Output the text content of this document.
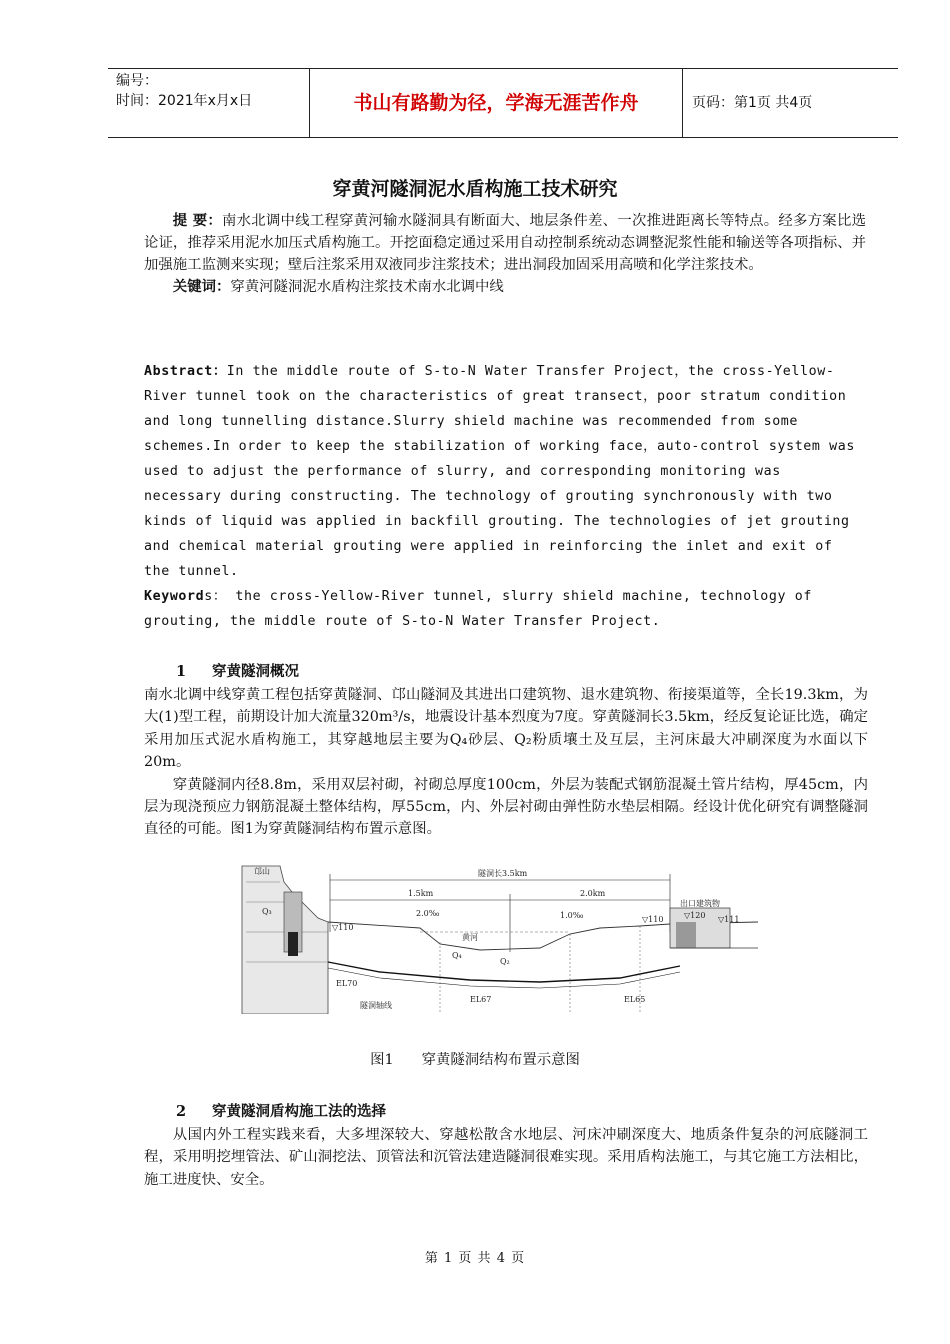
编号：
时间：2021年x月x日	书山有路勤为径，学海无涯苦作舟	页码：第1页 共4页
穿黄河隧洞泥水盾构施工技术研究
提 要：南水北调中线工程穿黄河输水隧洞具有断面大、地层条件差、一次推进距离长等特点。经多方案比选论证，推荐采用泥水加压式盾构施工。开挖面稳定通过采用自动控制系统动态调整泥浆性能和输送等各项指标、并加强施工监测来实现；壁后注浆采用双液同步注浆技术；进出洞段加固采用高喷和化学注浆技术。
关键词：穿黄河隧洞泥水盾构注浆技术南水北调中线
Abstract：In the middle route of S-to-N Water Transfer Project，the cross-Yellow-River tunnel took on the characteristics of great transect，poor stratum condition and long tunnelling distance.Slurry shield machine was recommended from some schemes.In order to keep the stabilization of working face，auto-control system was used to adjust the performance of slurry, and corresponding monitoring was necessary during constructing. The technology of grouting synchronously with two kinds of liquid was applied in backfill grouting. The technologies of jet grouting and chemical material grouting were applied in reinforcing the inlet and exit of the tunnel.
Keywords： the cross-Yellow-River tunnel, slurry shield machine, technology of grouting, the middle route of S-to-N Water Transfer Project.
1 穿黄隧洞概况
南水北调中线穿黄工程包括穿黄隧洞、邙山隧洞及其进出口建筑物、退水建筑物、衔接渠道等，全长19.3km，为大(1)型工程，前期设计加大流量320m³/s，地震设计基本烈度为7度。穿黄隧洞长3.5km，经反复论证比选，确定采用加压式泥水盾构施工，其穿越地层主要为Q₄砂层、Q₂粉质壤土及互层，主河床最大冲刷深度为水面以下20m。
穿黄隧洞内径8.8m，采用双层衬砌，衬砌总厚度100cm，外层为装配式钢筋混凝土管片结构，厚45cm，内层为现浇预应力钢筋混凝土整体结构，厚55cm，内、外层衬砌由弹性防水垫层相隔。经设计优化研究有调整隧洞直径的可能。图1为穿黄隧洞结构布置示意图。
邙山	隧洞长3.5km
1.5km	2.0km
2.0‰	1.0‰
出口建筑物
黄河
隧洞轴线
Q₃
Q₄
Q₂
▽110
▽110	▽120 ▽111
EL70
EL67	EL65
图1 穿黄隧洞结构布置示意图
2 穿黄隧洞盾构施工法的选择
从国内外工程实践来看，大多埋深较大、穿越松散含水地层、河床冲刷深度大、地质条件复杂的河底隧洞工程，采用明挖埋管法、矿山洞挖法、顶管法和沉管法建造隧洞很难实现。采用盾构法施工，与其它施工方法相比，施工进度快、安全。
第 1 页 共 4 页
